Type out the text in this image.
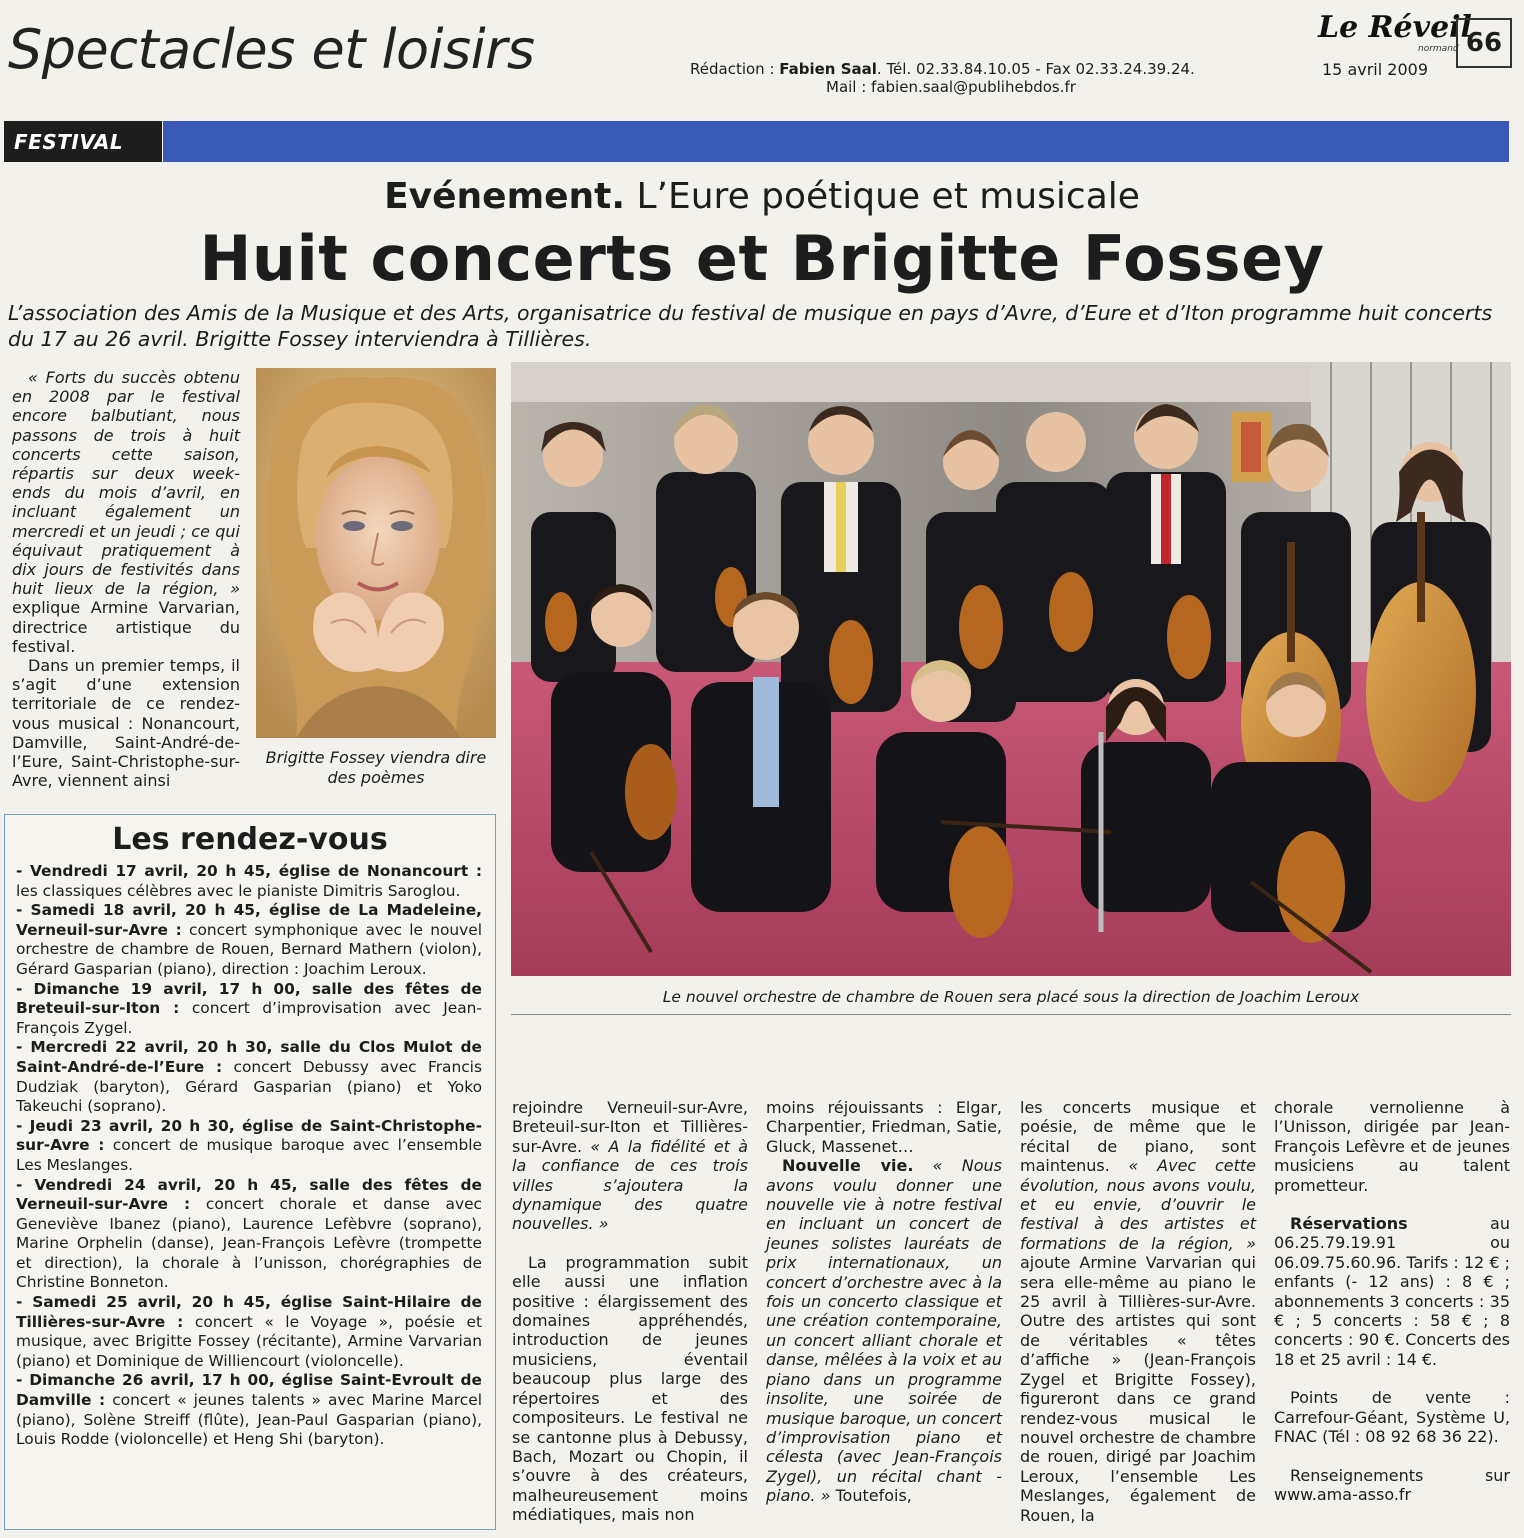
Spectacles et loisirs	Le Réveil
normand 66
Rédaction : Fabien Saal. Tél. 02.33.84.10.05 - Fax 02.33.24.39.24.
Mail : fabien.saal@publihebdos.fr
15 avril 2009
FESTIVAL
Evénement. L’Eure poétique et musicale
Huit concerts et Brigitte Fossey
L’association des Amis de la Musique et des Arts, organisatrice du festival de musique en pays d’Avre, d’Eure et d’Iton programme huit concerts du 17 au 26 avril. Brigitte Fossey interviendra à Tillières.

« Forts du succès obtenu en 2008 par le festival encore balbutiant, nous passons de trois à huit concerts cette saison, répartis sur deux week-ends du mois d’avril, en incluant également un mercredi et un jeudi ; ce qui équivaut pratiquement à dix jours de festivités dans huit lieux de la région, » explique Armine Varvarian, directrice artistique du festival.

Dans un premier temps, il s’agit d’une extension territoriale de ce rendez-vous musical : Nonancourt, Damville, Saint-André-de-l’Eure, Saint-Christophe-sur-Avre, viennent ainsi

Brigitte Fossey viendra dire des poèmes
Le nouvel orchestre de chambre de Rouen sera placé sous la direction de Joachim Leroux
Les rendez-vous

- Vendredi 17 avril, 20 h 45, église de Nonancourt : les classiques célèbres avec le pianiste Dimitris Saroglou.

- Samedi 18 avril, 20 h 45, église de La Madeleine, Verneuil-sur-Avre : concert symphonique avec le nouvel orchestre de chambre de Rouen, Bernard Mathern (violon), Gérard Gasparian (piano), direction : Joachim Leroux.

- Dimanche 19 avril, 17 h 00, salle des fêtes de Breteuil-sur-Iton : concert d’improvisation avec Jean-François Zygel.

- Mercredi 22 avril, 20 h 30, salle du Clos Mulot de Saint-André-de-l’Eure : concert Debussy avec Francis Dudziak (baryton), Gérard Gasparian (piano) et Yoko Takeuchi (soprano).

- Jeudi 23 avril, 20 h 30, église de Saint-Christophe-sur-Avre : concert de musique baroque avec l’ensemble Les Meslanges.

- Vendredi 24 avril, 20 h 45, salle des fêtes de Verneuil-sur-Avre : concert chorale et danse avec Geneviève Ibanez (piano), Laurence Lefèbvre (soprano), Marine Orphelin (danse), Jean-François Lefèvre (trompette et direction), la chorale à l’unisson, chorégraphies de Christine Bonneton.

- Samedi 25 avril, 20 h 45, église Saint-Hilaire de Tillières-sur-Avre : concert « le Voyage », poésie et musique, avec Brigitte Fossey (récitante), Armine Varvarian (piano) et Dominique de Williencourt (violoncelle).

- Dimanche 26 avril, 17 h 00, église Saint-Evroult de Damville : concert « jeunes talents » avec Marine Marcel (piano), Solène Streiff (flûte), Jean-Paul Gasparian (piano), Louis Rodde (violoncelle) et Heng Shi (baryton).

rejoindre Verneuil-sur-Avre, Breteuil-sur-Iton et Tillières-sur-Avre. « A la fidélité et à la confiance de ces trois villes s’ajoutera la dynamique des quatre nouvelles. »

La programmation subit elle aussi une inflation positive : élargissement des domaines appréhendés, introduction de jeunes musiciens, éventail beaucoup plus large des répertoires et des compositeurs. Le festival ne se cantonne plus à Debussy, Bach, Mozart ou Chopin, il s’ouvre à des créateurs, malheureusement moins médiatiques, mais non

moins réjouissants : Elgar, Charpentier, Friedman, Satie, Gluck, Massenet…

Nouvelle vie. « Nous avons voulu donner une nouvelle vie à notre festival en incluant un concert de jeunes solistes lauréats de prix internationaux, un concert d’orchestre avec à la fois un concerto classique et une création contemporaine, un concert alliant chorale et danse, mêlées à la voix et au piano dans un programme insolite, une soirée de musique baroque, un concert d’improvisation piano et célesta (avec Jean-François Zygel), un récital chant - piano. » Toutefois,

les concerts musique et poésie, de même que le récital de piano, sont maintenus. « Avec cette évolution, nous avons voulu, et eu envie, d’ouvrir le festival à des artistes et formations de la région, » ajoute Armine Varvarian qui sera elle-même au piano le 25 avril à Tillières-sur-Avre. Outre des artistes qui sont de véritables « têtes d’affiche » (Jean-François Zygel et Brigitte Fossey), figureront dans ce grand rendez-vous musical le nouvel orchestre de chambre de rouen, dirigé par Joachim Leroux, l’ensemble Les Meslanges, également de Rouen, la

chorale vernolienne à l’Unisson, dirigée par Jean-François Lefèvre et de jeunes musiciens au talent prometteur.

Réservations au 06.25.79.19.91 ou 06.09.75.60.96. Tarifs : 12 € ; enfants (- 12 ans) : 8 € ; abonnements 3 concerts : 35 € ; 5 concerts : 58 € ; 8 concerts : 90 €. Concerts des 18 et 25 avril : 14 €.

Points de vente : Carrefour-Géant, Système U, FNAC (Tél : 08 92 68 36 22).

Renseignements sur www.ama-asso.fr
